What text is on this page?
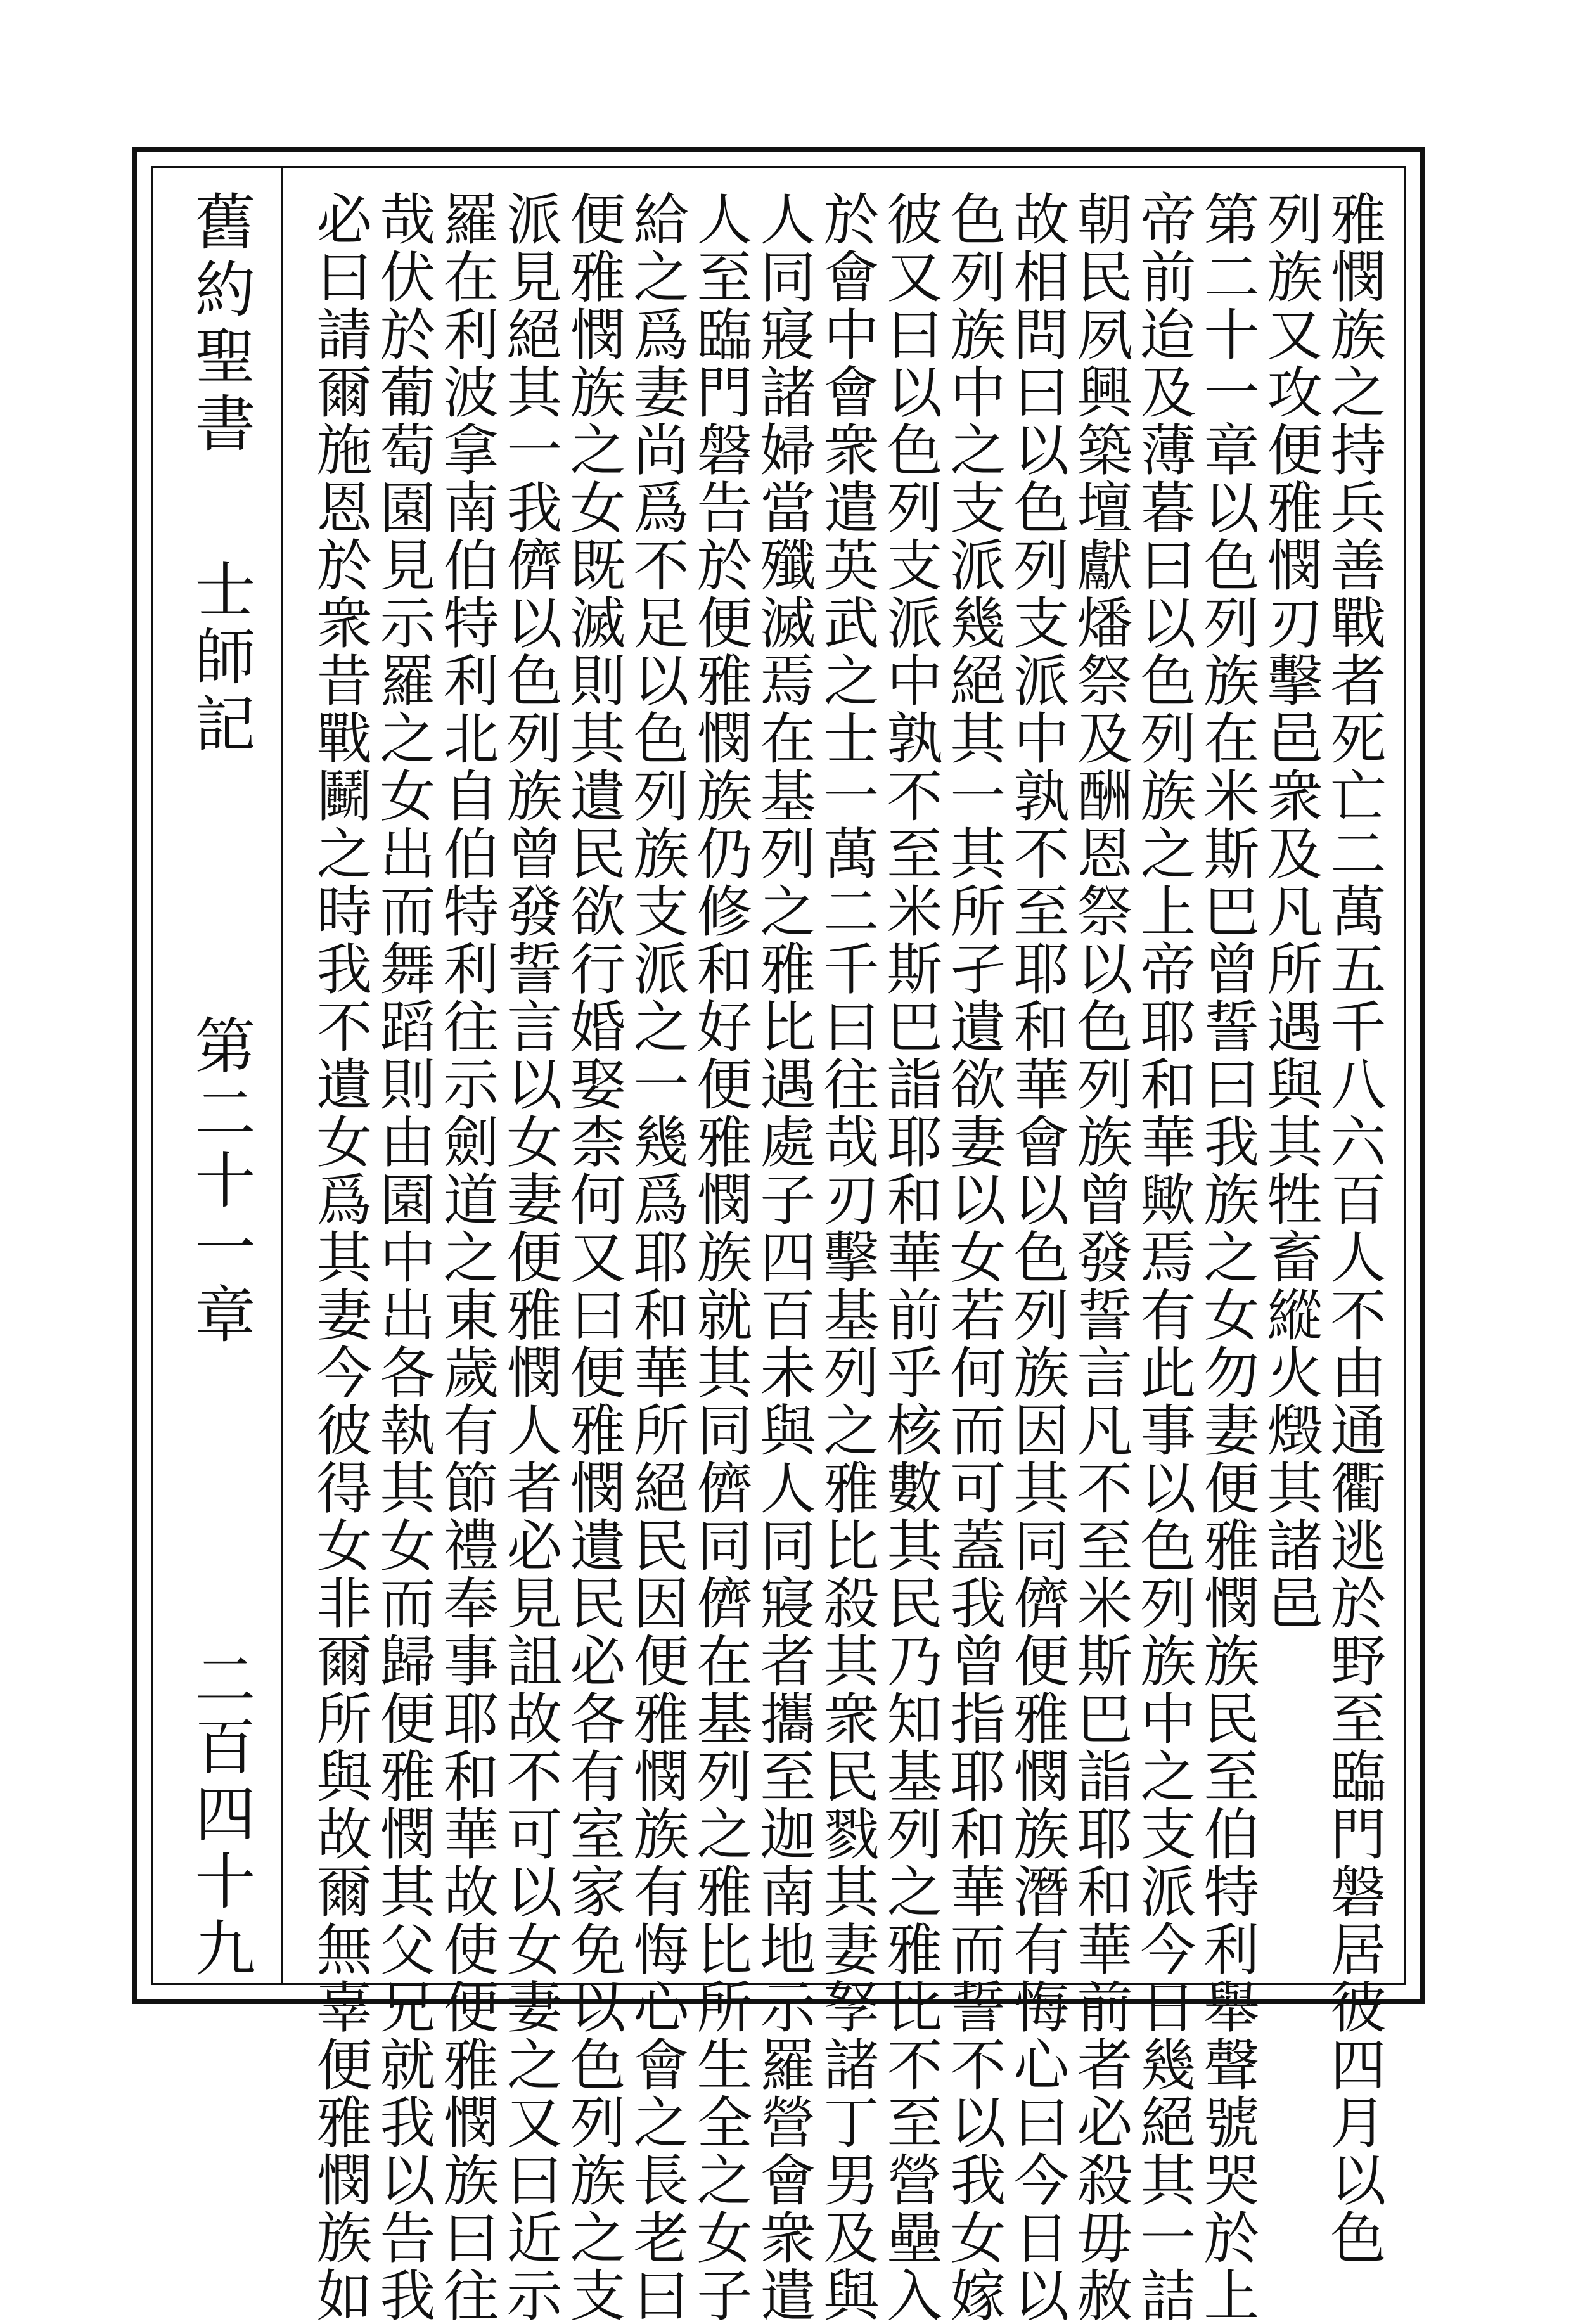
舊約聖書
士師記
第二十一章
二百四十九	雅憫族之持兵善戰者死亡二萬五千八六百人不由通衢逃於野至臨門磐居彼四月以色
列族又攻便雅憫刃擊邑衆及凡所遇與其牲畜縱火燬其諸邑
第二十一章以色列族在米斯巴曾誓曰我族之女勿妻便雅憫族民至伯特利舉聲號哭於上
帝前迨及薄暮曰以色列族之上帝耶和華歟焉有此事以色列族中之支派今日幾絕其一詰
朝民夙興築壇獻燔祭及酬恩祭以色列族曾發誓言凡不至米斯巴詣耶和華前者必殺毋赦
故相問曰以色列支派中孰不至耶和華會以色列族因其同儕便雅憫族潛有悔心曰今日以
色列族中之支派幾絕其一其所孑遺欲妻以女若何而可蓋我曾指耶和華而誓不以我女嫁
彼又曰以色列支派中孰不至米斯巴詣耶和華前乎核數其民乃知基列之雅比不至營壘入
於會中會衆遣英武之士一萬二千曰往哉刃擊基列之雅比殺其衆民戮其妻孥諸丁男及與
人同寢諸婦當殲滅焉在基列之雅比遇處子四百未與人同寢者攜至迦南地示羅營會衆遣
人至臨門磐告於便雅憫族仍修和好便雅憫族就其同儕同儕在基列之雅比所生全之女子
給之爲妻尚爲不足以色列族支派之一幾爲耶和華所絕民因便雅憫族有悔心會之長老曰
便雅憫族之女既滅則其遺民欲行婚娶柰何又曰便雅憫遺民必各有室家免以色列族之支
派見絕其一我儕以色列族曾發誓言以女妻便雅憫人者必見詛故不可以女妻之又曰近示
羅在利波拿南伯特利北自伯特利往示劍道之東歲有節禮奉事耶和華故使便雅憫族曰往
哉伏於葡萄園見示羅之女出而舞蹈則由園中出各執其女而歸便雅憫其父兄就我以告我
必曰請爾施恩於衆昔戰鬭之時我不遺女爲其妻今彼得女非爾所與故爾無辜便雅憫族如
